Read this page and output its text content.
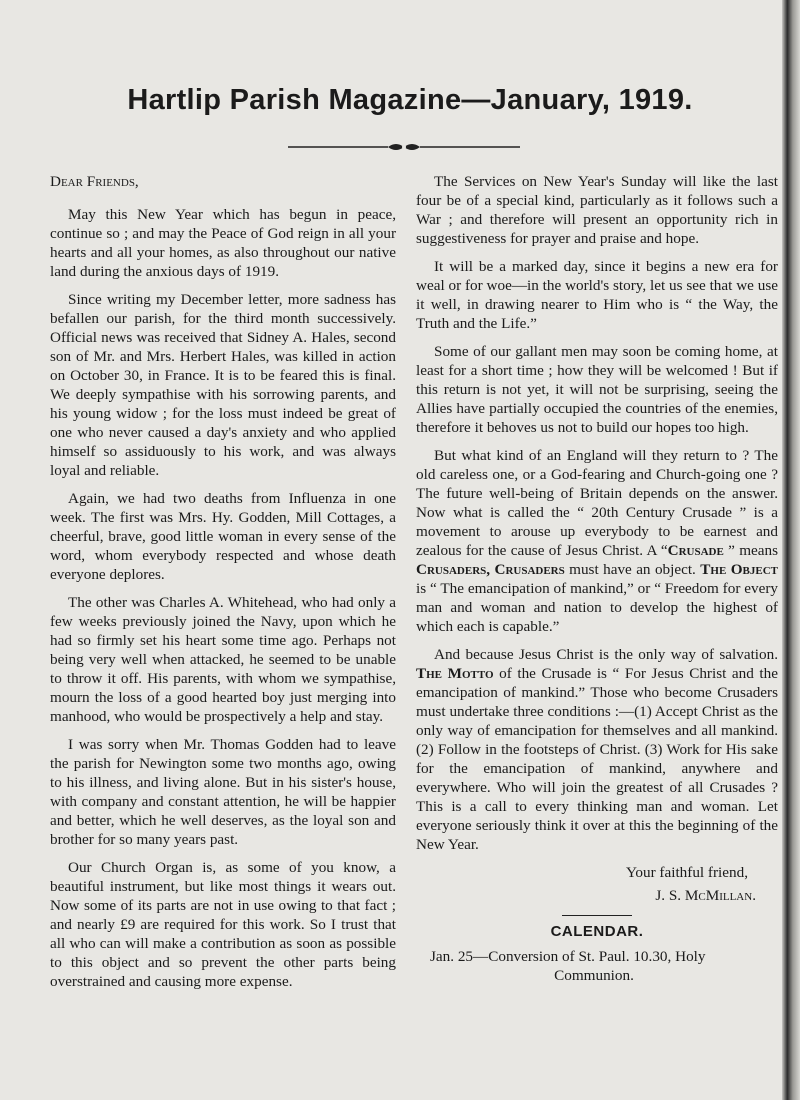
Hartlip Parish Magazine—January, 1919.

Dear Friends,

May this New Year which has begun in peace, continue so ; and may the Peace of God reign in all your hearts and all your homes, as also throughout our native land during the anxious days of 1919.

Since writing my December letter, more sadness has befallen our parish, for the third month successively. Official news was received that Sidney A. Hales, second son of Mr. and Mrs. Herbert Hales, was killed in action on October 30, in France. It is to be feared this is final. We deeply sympathise with his sorrowing parents, and his young widow ; for the loss must indeed be great of one who never caused a day's anxiety and who applied himself so assiduously to his work, and was always loyal and reliable.

Again, we had two deaths from Influenza in one week. The first was Mrs. Hy. Godden, Mill Cottages, a cheerful, brave, good little woman in every sense of the word, whom everybody respected and whose death everyone deplores.

The other was Charles A. Whitehead, who had only a few weeks previously joined the Navy, upon which he had so firmly set his heart some time ago. Perhaps not being very well when attacked, he seemed to be unable to throw it off. His parents, with whom we sympathise, mourn the loss of a good hearted boy just merging into manhood, who would be prospectively a help and stay.

I was sorry when Mr. Thomas Godden had to leave the parish for Newington some two months ago, owing to his illness, and living alone. But in his sister's house, with company and constant attention, he will be happier and better, which he well deserves, as the loyal son and brother for so many years past.

Our Church Organ is, as some of you know, a beautiful instrument, but like most things it wears out. Now some of its parts are not in use owing to that fact ; and nearly £9 are required for this work. So I trust that all who can will make a contribution as soon as possible to this object and so prevent the other parts being overstrained and causing more expense.

The Services on New Year's Sunday will like the last four be of a special kind, particularly as it follows such a War ; and therefore will present an opportunity rich in suggestiveness for prayer and praise and hope.

It will be a marked day, since it begins a new era for weal or for woe—in the world's story, let us see that we use it well, in drawing nearer to Him who is “ the Way, the Truth and the Life.”

Some of our gallant men may soon be coming home, at least for a short time ; how they will be welcomed ! But if this return is not yet, it will not be surprising, seeing the Allies have partially occupied the countries of the enemies, therefore it behoves us not to build our hopes too high.

But what kind of an England will they return to ? The old careless one, or a God-fearing and Church-going one ? The future well-being of Britain depends on the answer. Now what is called the “ 20th Century Crusade ” is a movement to arouse up everybody to be earnest and zealous for the cause of Jesus Christ. A “Crusade ” means Crusaders, Crusaders must have an object. The Object is “ The emancipation of mankind,” or “ Freedom for every man and woman and nation to develop the highest of which each is capable.”

And because Jesus Christ is the only way of salvation. The Motto of the Crusade is “ For Jesus Christ and the emancipation of mankind.” Those who become Crusaders must undertake three conditions :—(1) Accept Christ as the only way of emancipation for themselves and all mankind. (2) Follow in the footsteps of Christ. (3) Work for His sake for the emancipation of mankind, anywhere and everywhere. Who will join the greatest of all Crusades ? This is a call to every thinking man and woman. Let everyone seriously think it over at this the beginning of the New Year.

Your faithful friend,

J. S. McMillan.

CALENDAR.

Jan. 25—Conversion of St. Paul. 10.30, Holy
Communion.
